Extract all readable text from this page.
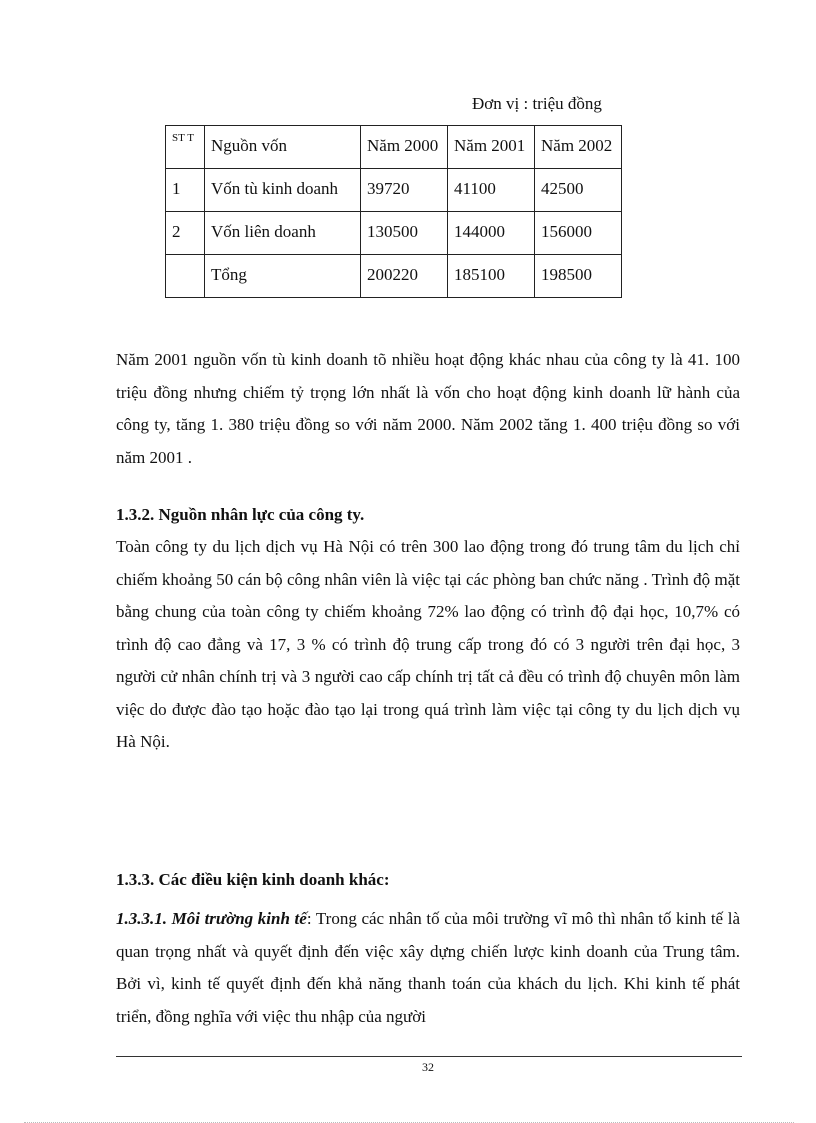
Đơn vị : triệu đồng
ST T	Nguồn vốn	Năm 2000	Năm 2001	Năm 2002
1	Vốn tù kinh doanh	39720	41100	42500
2	Vốn liên doanh	130500	144000	156000
	Tổng	200220	185100	198500

Năm 2001 nguồn vốn tù kinh doanh tõ nhiều hoạt động khác nhau của công ty là 41. 100 triệu đồng nhưng chiếm tỷ trọng lớn nhất là vốn cho hoạt động kinh doanh lữ hành của công ty, tăng 1. 380 triệu đồng so với năm 2000. Năm 2002 tăng 1. 400 triệu đồng so với năm 2001 .

1.3.2. Nguồn nhân lực của công ty.

Toàn công ty du lịch dịch vụ Hà Nội có trên 300 lao động trong đó trung tâm du lịch chỉ chiếm khoảng 50 cán bộ công nhân viên là việc tại các phòng ban chức năng . Trình độ mặt bằng chung của toàn công ty chiếm khoảng 72% lao động có trình độ đại học, 10,7% có trình độ cao đẳng và 17, 3 % có trình độ trung cấp trong đó có 3 người trên đại học, 3 người cử nhân chính trị và 3 người cao cấp chính trị tất cả đều có trình độ chuyên môn làm việc do được đào tạo hoặc đào tạo lại trong quá trình làm việc tại công ty du lịch dịch vụ Hà Nội.

1.3.3. Các điều kiện kinh doanh khác:

1.3.3.1. Môi trường kinh tế: Trong các nhân tố của môi trường vĩ mô thì nhân tố kinh tế là quan trọng nhất và quyết định đến việc xây dựng chiến lược kinh doanh của Trung tâm. Bởi vì, kinh tế quyết định đến khả năng thanh toán của khách du lịch. Khi kinh tế phát triển, đồng nghĩa với việc thu nhập của người

32
